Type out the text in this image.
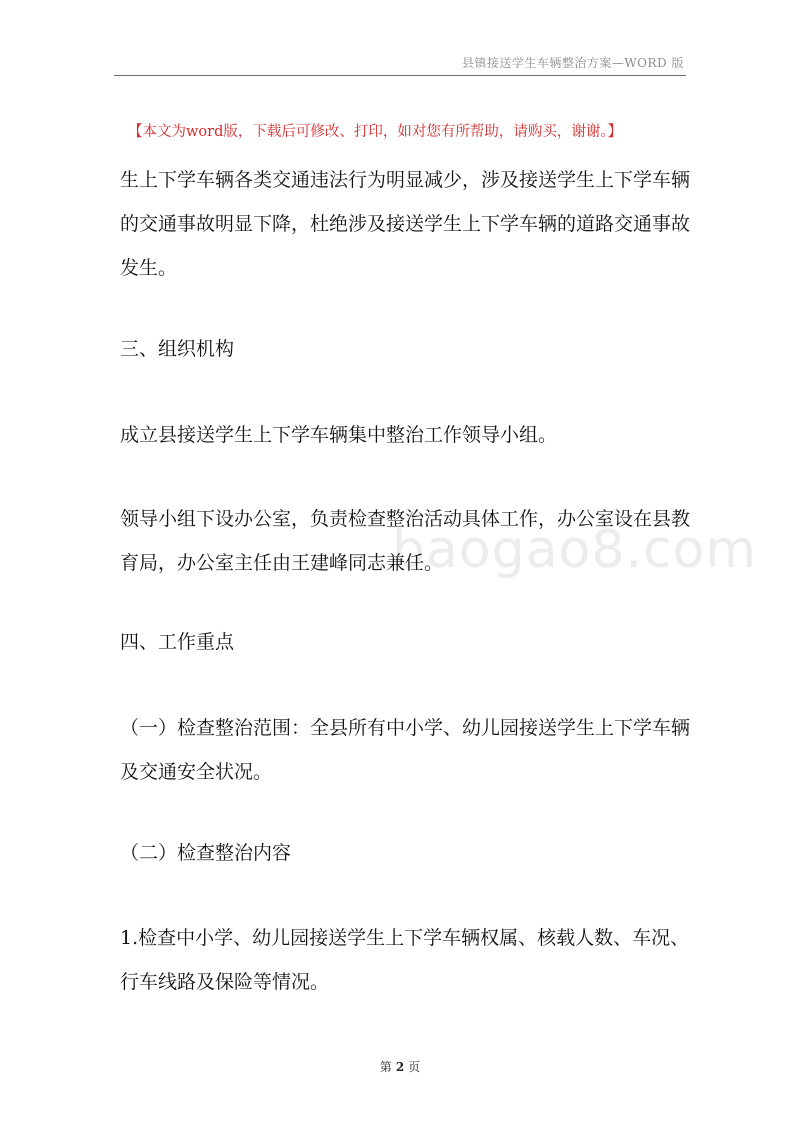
县镇接送学生车辆整治方案—WORD 版
【本文为word版，下载后可修改、打印，如对您有所帮助，请购买，谢谢。】
baogao8.com

生上下学车辆各类交通违法行为明显减少，涉及接送学生上下学车辆
的交通事故明显下降，杜绝涉及接送学生上下学车辆的道路交通事故
发生。

三、组织机构

成立县接送学生上下学车辆集中整治工作领导小组。

领导小组下设办公室，负责检查整治活动具体工作，办公室设在县教
育局，办公室主任由王建峰同志兼任。

四、工作重点

（一）检查整治范围：全县所有中小学、幼儿园接送学生上下学车辆
及交通安全状况。

（二）检查整治内容

1.检查中小学、幼儿园接送学生上下学车辆权属、核载人数、车况、
行车线路及保险等情况。

第 2 页
